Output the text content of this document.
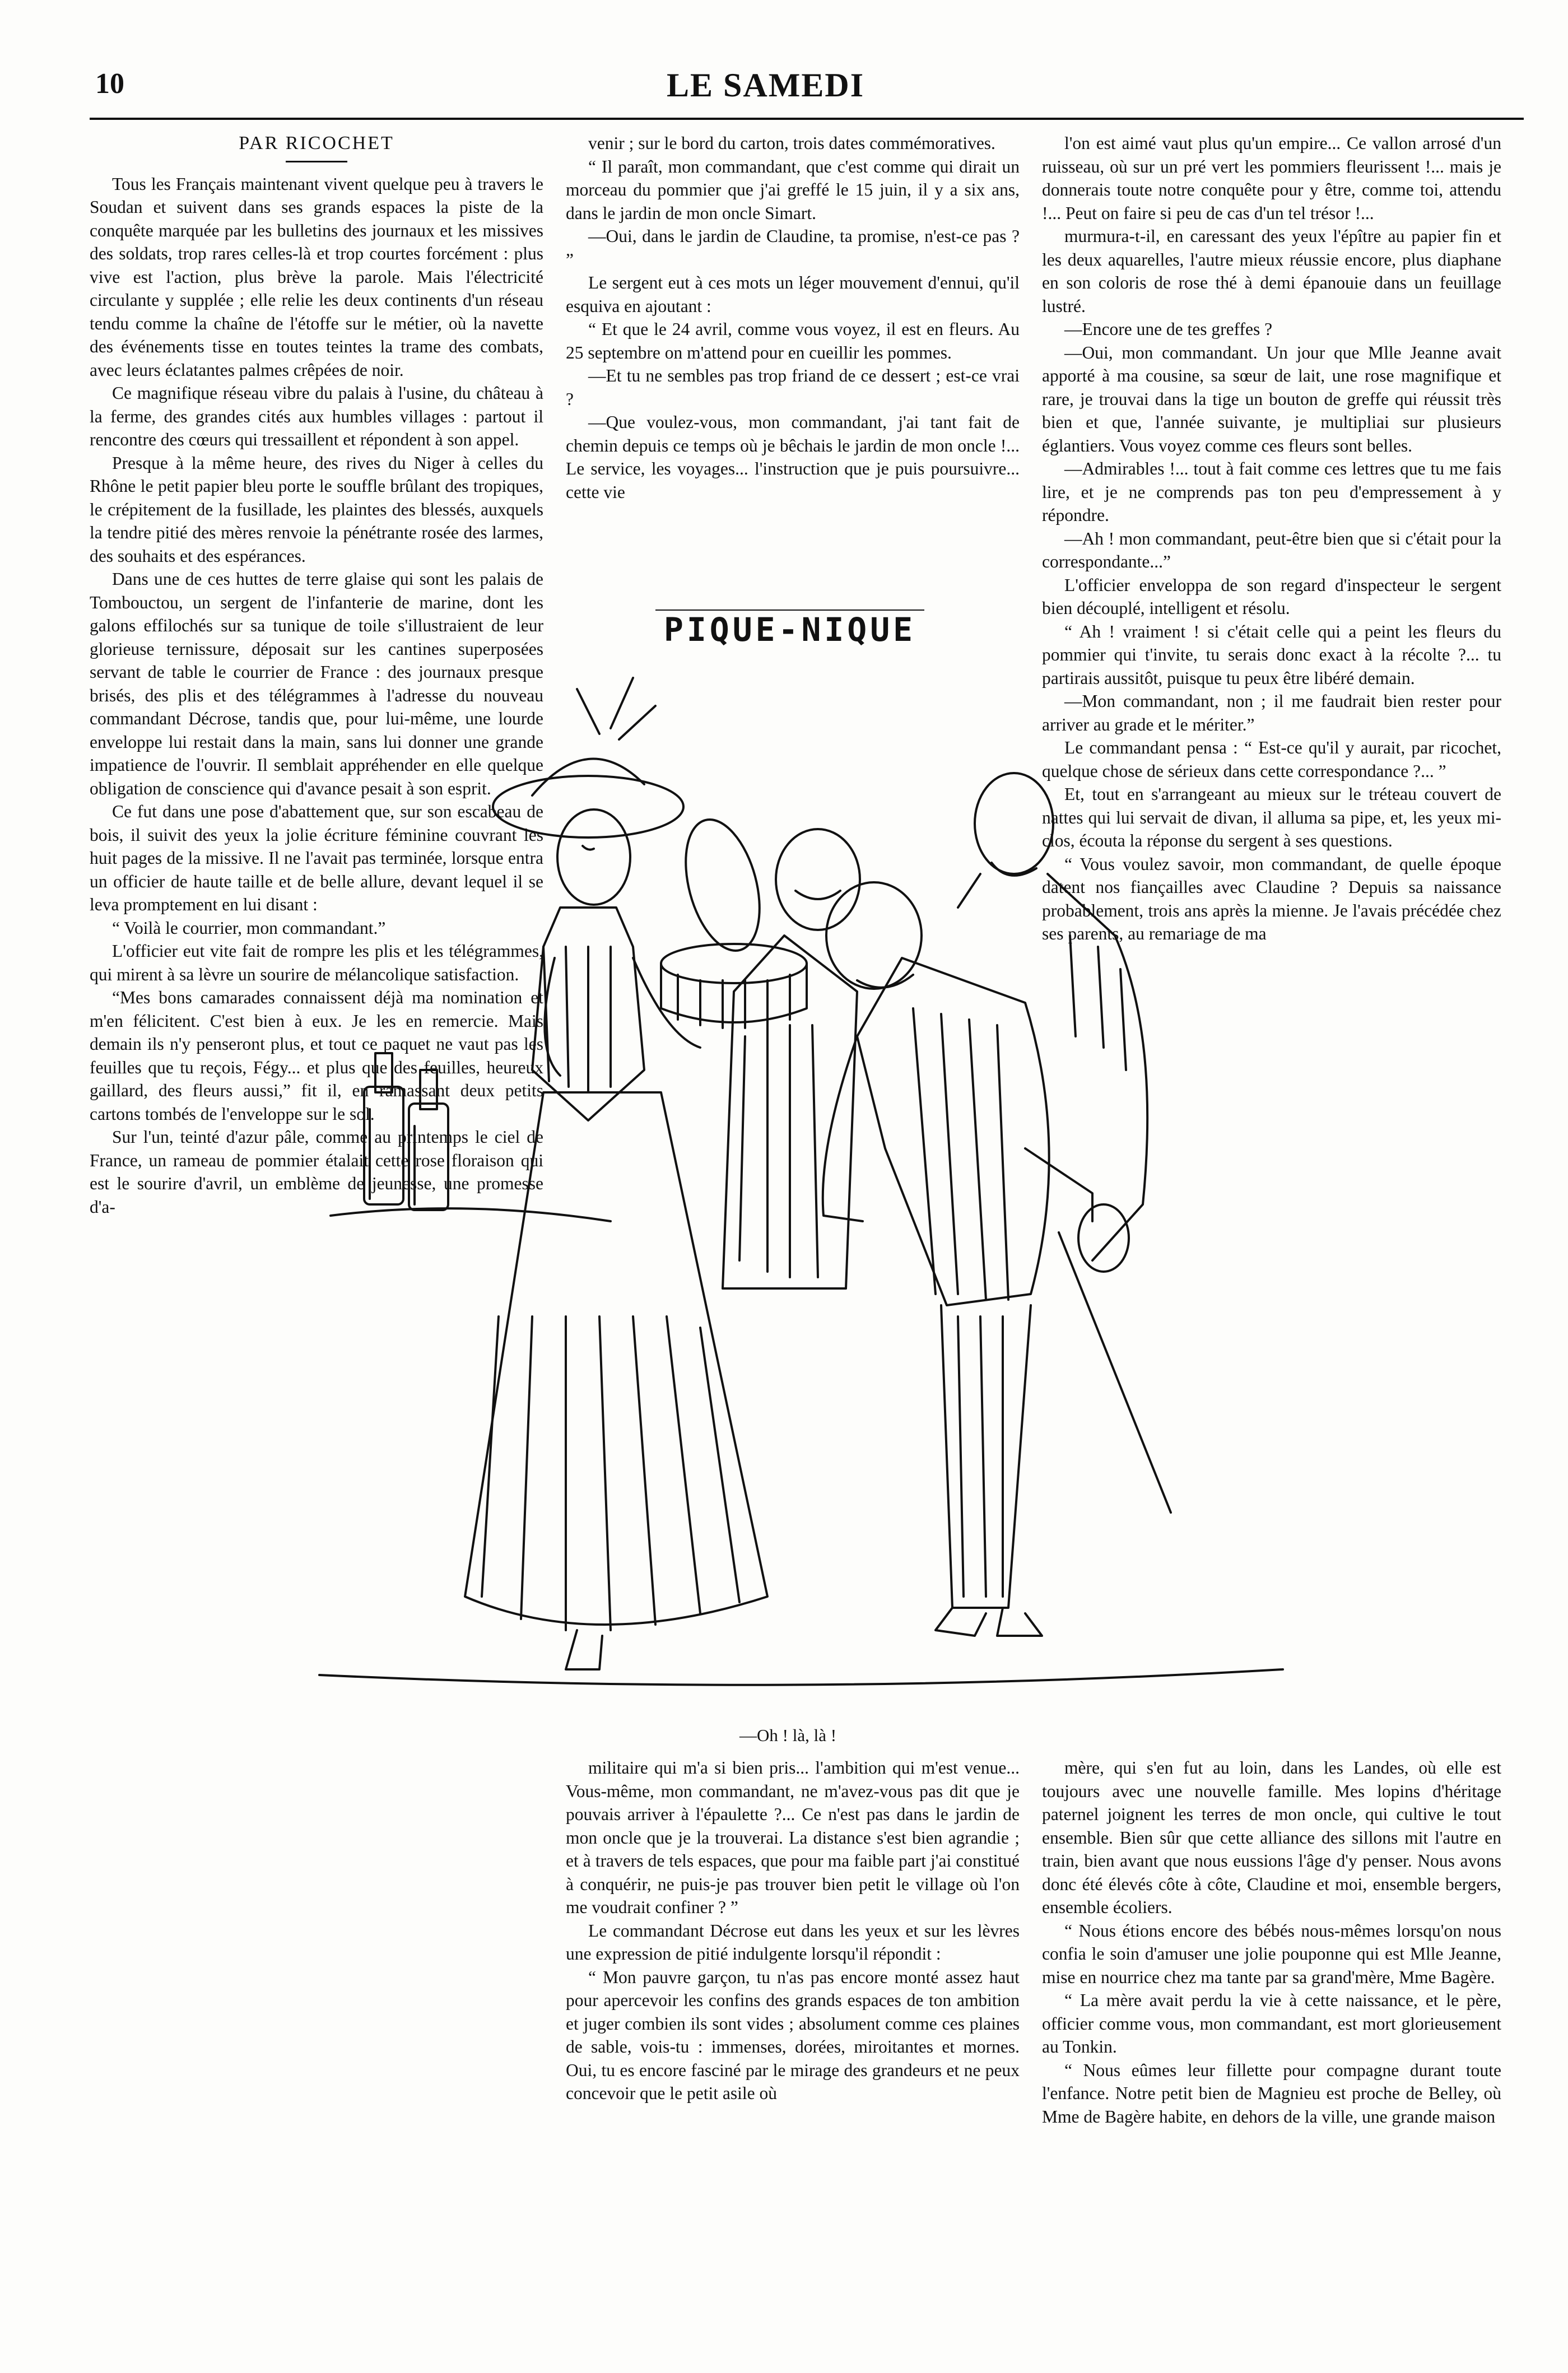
10	LE SAMEDI
PAR RICOCHET

Tous les Français maintenant vivent quelque peu à travers le Soudan et suivent dans ses grands espaces la piste de la conquête marquée par les bulletins des journaux et les missives des soldats, trop rares celles-là et trop courtes forcément : plus vive est l'action, plus brève la parole. Mais l'électricité circulante y supplée ; elle relie les deux continents d'un réseau tendu comme la chaîne de l'étoffe sur le métier, où la navette des événements tisse en toutes teintes la trame des combats, avec leurs éclatantes palmes crêpées de noir.

Ce magnifique réseau vibre du palais à l'usine, du château à la ferme, des grandes cités aux humbles villages : partout il rencontre des cœurs qui tressaillent et répondent à son appel.

Presque à la même heure, des rives du Niger à celles du Rhône le petit papier bleu porte le souffle brûlant des tropiques, le crépitement de la fusillade, les plaintes des blessés, auxquels la tendre pitié des mères renvoie la pénétrante rosée des larmes, des souhaits et des espérances.

Dans une de ces huttes de terre glaise qui sont les palais de Tombouctou, un sergent de l'infanterie de marine, dont les galons effilochés sur sa tunique de toile s'illustraient de leur glorieuse ternissure, déposait sur les cantines superposées servant de table le courrier de France : des journaux presque brisés, des plis et des télégrammes à l'adresse du nouveau commandant Décrose, tandis que, pour lui-même, une lourde enveloppe lui restait dans la main, sans lui donner une grande impatience de l'ouvrir. Il semblait appréhender en elle quelque obligation de conscience qui d'avance pesait à son esprit.

Ce fut dans une pose d'abattement que, sur son escabeau de bois, il suivit des yeux la jolie écriture féminine couvrant les huit pages de la missive. Il ne l'avait pas terminée, lorsque entra un officier de haute taille et de belle allure, devant lequel il se leva promptement en lui disant :

“ Voilà le courrier, mon commandant.”

L'officier eut vite fait de rompre les plis et les télégrammes, qui mirent à sa lèvre un sourire de mélancolique satisfaction.

“Mes bons camarades connaissent déjà ma nomination et m'en félicitent. C'est bien à eux. Je les en remercie. Mais demain ils n'y penseront plus, et tout ce paquet ne vaut pas les feuilles que tu reçois, Fégy... et plus que des feuilles, heureux gaillard, des fleurs aussi,” fit il, en ramassant deux petits cartons tombés de l'enveloppe sur le sol.

Sur l'un, teinté d'azur pâle, comme au printemps le ciel de France, un rameau de pommier étalait cette rose floraison qui est le sourire d'avril, un emblème de jeunesse, une promesse d'a-

venir ; sur le bord du carton, trois dates commémoratives.

“ Il paraît, mon commandant, que c'est comme qui dirait un morceau du pommier que j'ai greffé le 15 juin, il y a six ans, dans le jardin de mon oncle Simart.

—Oui, dans le jardin de Claudine, ta promise, n'est-ce pas ? ”

Le sergent eut à ces mots un léger mouvement d'ennui, qu'il esquiva en ajoutant :

“ Et que le 24 avril, comme vous voyez, il est en fleurs. Au 25 septembre on m'attend pour en cueillir les pommes.

—Et tu ne sembles pas trop friand de ce dessert ; est-ce vrai ?

—Que voulez-vous, mon commandant, j'ai tant fait de chemin depuis ce temps où je bêchais le jardin de mon oncle !... Le service, les voyages... l'instruction que je puis poursuivre... cette vie

l'on est aimé vaut plus qu'un empire... Ce vallon arrosé d'un ruisseau, où sur un pré vert les pommiers fleurissent !... mais je donnerais toute notre conquête pour y être, comme toi, attendu !... Peut on faire si peu de cas d'un tel trésor !...

murmura-t-il, en caressant des yeux l'épître au papier fin et les deux aquarelles, l'autre mieux réussie encore, plus diaphane en son coloris de rose thé à demi épanouie dans un feuillage lustré.

—Encore une de tes greffes ?

—Oui, mon commandant. Un jour que Mlle Jeanne avait apporté à ma cousine, sa sœur de lait, une rose magnifique et rare, je trouvai dans la tige un bouton de greffe qui réussit très bien et que, l'année suivante, je multipliai sur plusieurs églantiers. Vous voyez comme ces fleurs sont belles.

—Admirables !... tout à fait comme ces lettres que tu me fais lire, et je ne comprends pas ton peu d'empressement à y répondre.

—Ah ! mon commandant, peut-être bien que si c'était pour la correspondante...”

L'officier enveloppa de son regard d'inspecteur le sergent bien découplé, intelligent et résolu.

“ Ah ! vraiment ! si c'était celle qui a peint les fleurs du pommier qui t'invite, tu serais donc exact à la récolte ?... tu partirais aussitôt, puisque tu peux être libéré demain.

—Mon commandant, non ; il me faudrait bien rester pour arriver au grade et le mériter.”

Le commandant pensa : “ Est-ce qu'il y aurait, par ricochet, quelque chose de sérieux dans cette correspondance ?... ”

Et, tout en s'arrangeant au mieux sur le tréteau couvert de nattes qui lui servait de divan, il alluma sa pipe, et, les yeux mi-clos, écouta la réponse du sergent à ses questions.

“ Vous voulez savoir, mon commandant, de quelle époque datent nos fiançailles avec Claudine ? Depuis sa naissance probablement, trois ans après la mienne. Je l'avais précédée chez ses parents, au remariage de ma

PIQUE-NIQUE
—Oh ! là, là !

militaire qui m'a si bien pris... l'ambition qui m'est venue... Vous-même, mon commandant, ne m'avez-vous pas dit que je pouvais arriver à l'épaulette ?... Ce n'est pas dans le jardin de mon oncle que je la trouverai. La distance s'est bien agrandie ; et à travers de tels espaces, que pour ma faible part j'ai constitué à conquérir, ne puis-je pas trouver bien petit le village où l'on me voudrait confiner ? ”

Le commandant Décrose eut dans les yeux et sur les lèvres une expression de pitié indulgente lorsqu'il répondit :

“ Mon pauvre garçon, tu n'as pas encore monté assez haut pour apercevoir les confins des grands espaces de ton ambition et juger combien ils sont vides ; absolument comme ces plaines de sable, vois-tu : immenses, dorées, miroitantes et mornes. Oui, tu es encore fasciné par le mirage des grandeurs et ne peux concevoir que le petit asile où

mère, qui s'en fut au loin, dans les Landes, où elle est toujours avec une nouvelle famille. Mes lopins d'héritage paternel joignent les terres de mon oncle, qui cultive le tout ensemble. Bien sûr que cette alliance des sillons mit l'autre en train, bien avant que nous eussions l'âge d'y penser. Nous avons donc été élevés côte à côte, Claudine et moi, ensemble bergers, ensemble écoliers.

“ Nous étions encore des bébés nous-mêmes lorsqu'on nous confia le soin d'amuser une jolie pouponne qui est Mlle Jeanne, mise en nourrice chez ma tante par sa grand'mère, Mme Bagère.

“ La mère avait perdu la vie à cette naissance, et le père, officier comme vous, mon commandant, est mort glorieusement au Tonkin.

“ Nous eûmes leur fillette pour compagne durant toute l'enfance. Notre petit bien de Magnieu est proche de Belley, où Mme de Bagère habite, en dehors de la ville, une grande maison
